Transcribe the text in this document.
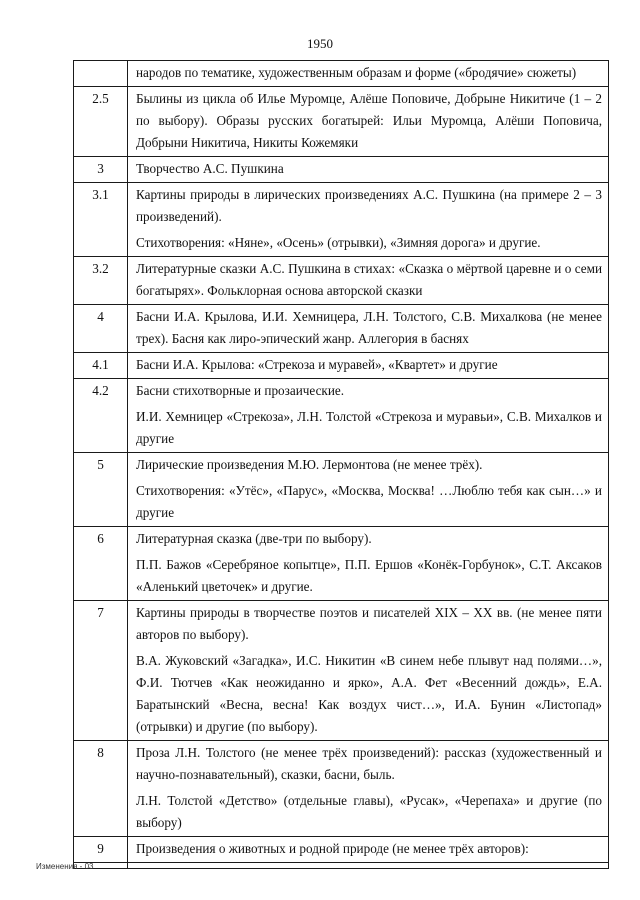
1950

	народов по тематике, художественным образам и форме («бродячие» сюжеты)

2.5	Былины из цикла об Илье Муромце, Алёше Поповиче, Добрыне Никитиче (1 – 2 по выбору). Образы русских богатырей: Ильи Муромца, Алёши Поповича, Добрыни Никитича, Никиты Кожемяки

3	Творчество А.С. Пушкина

3.1	Картины природы в лирических произведениях А.С. Пушкина (на примере 2 – 3 произведений).
Стихотворения: «Няне», «Осень» (отрывки), «Зимняя дорога» и другие.

3.2	Литературные сказки А.С. Пушкина в стихах: «Сказка о мёртвой царевне и о семи богатырях». Фольклорная основа авторской сказки

4	Басни И.А. Крылова, И.И. Хемницера, Л.Н. Толстого, С.В. Михалкова (не менее трех). Басня как лиро-эпический жанр. Аллегория в баснях

4.1	Басни И.А. Крылова: «Стрекоза и муравей», «Квартет» и другие

4.2	Басни стихотворные и прозаические.
И.И. Хемницер «Стрекоза», Л.Н. Толстой «Стрекоза и муравьи», С.В. Михалков и другие

5	Лирические произведения М.Ю. Лермонтова (не менее трёх).
Стихотворения: «Утёс», «Парус», «Москва, Москва! …Люблю тебя как сын…» и другие

6	Литературная сказка (две-три по выбору).
П.П. Бажов «Серебряное копытце», П.П. Ершов «Конёк-Горбунок», С.Т. Аксаков «Аленький цветочек» и другие.

7	Картины природы в творчестве поэтов и писателей XIX – XX вв. (не менее пяти авторов по выбору).
В.А. Жуковский «Загадка», И.С. Никитин «В синем небе плывут над полями…», Ф.И. Тютчев «Как неожиданно и ярко», А.А. Фет «Весенний дождь», Е.А. Баратынский «Весна, весна! Как воздух чист…», И.А. Бунин «Листопад» (отрывки) и другие (по выбору).

8	Проза Л.Н. Толстого (не менее трёх произведений): рассказ (художественный и научно-познавательный), сказки, басни, быль.
Л.Н. Толстой «Детство» (отдельные главы), «Русак», «Черепаха» и другие (по выбору)

9	Произведения о животных и родной природе (не менее трёх авторов):

Изменения - 03
